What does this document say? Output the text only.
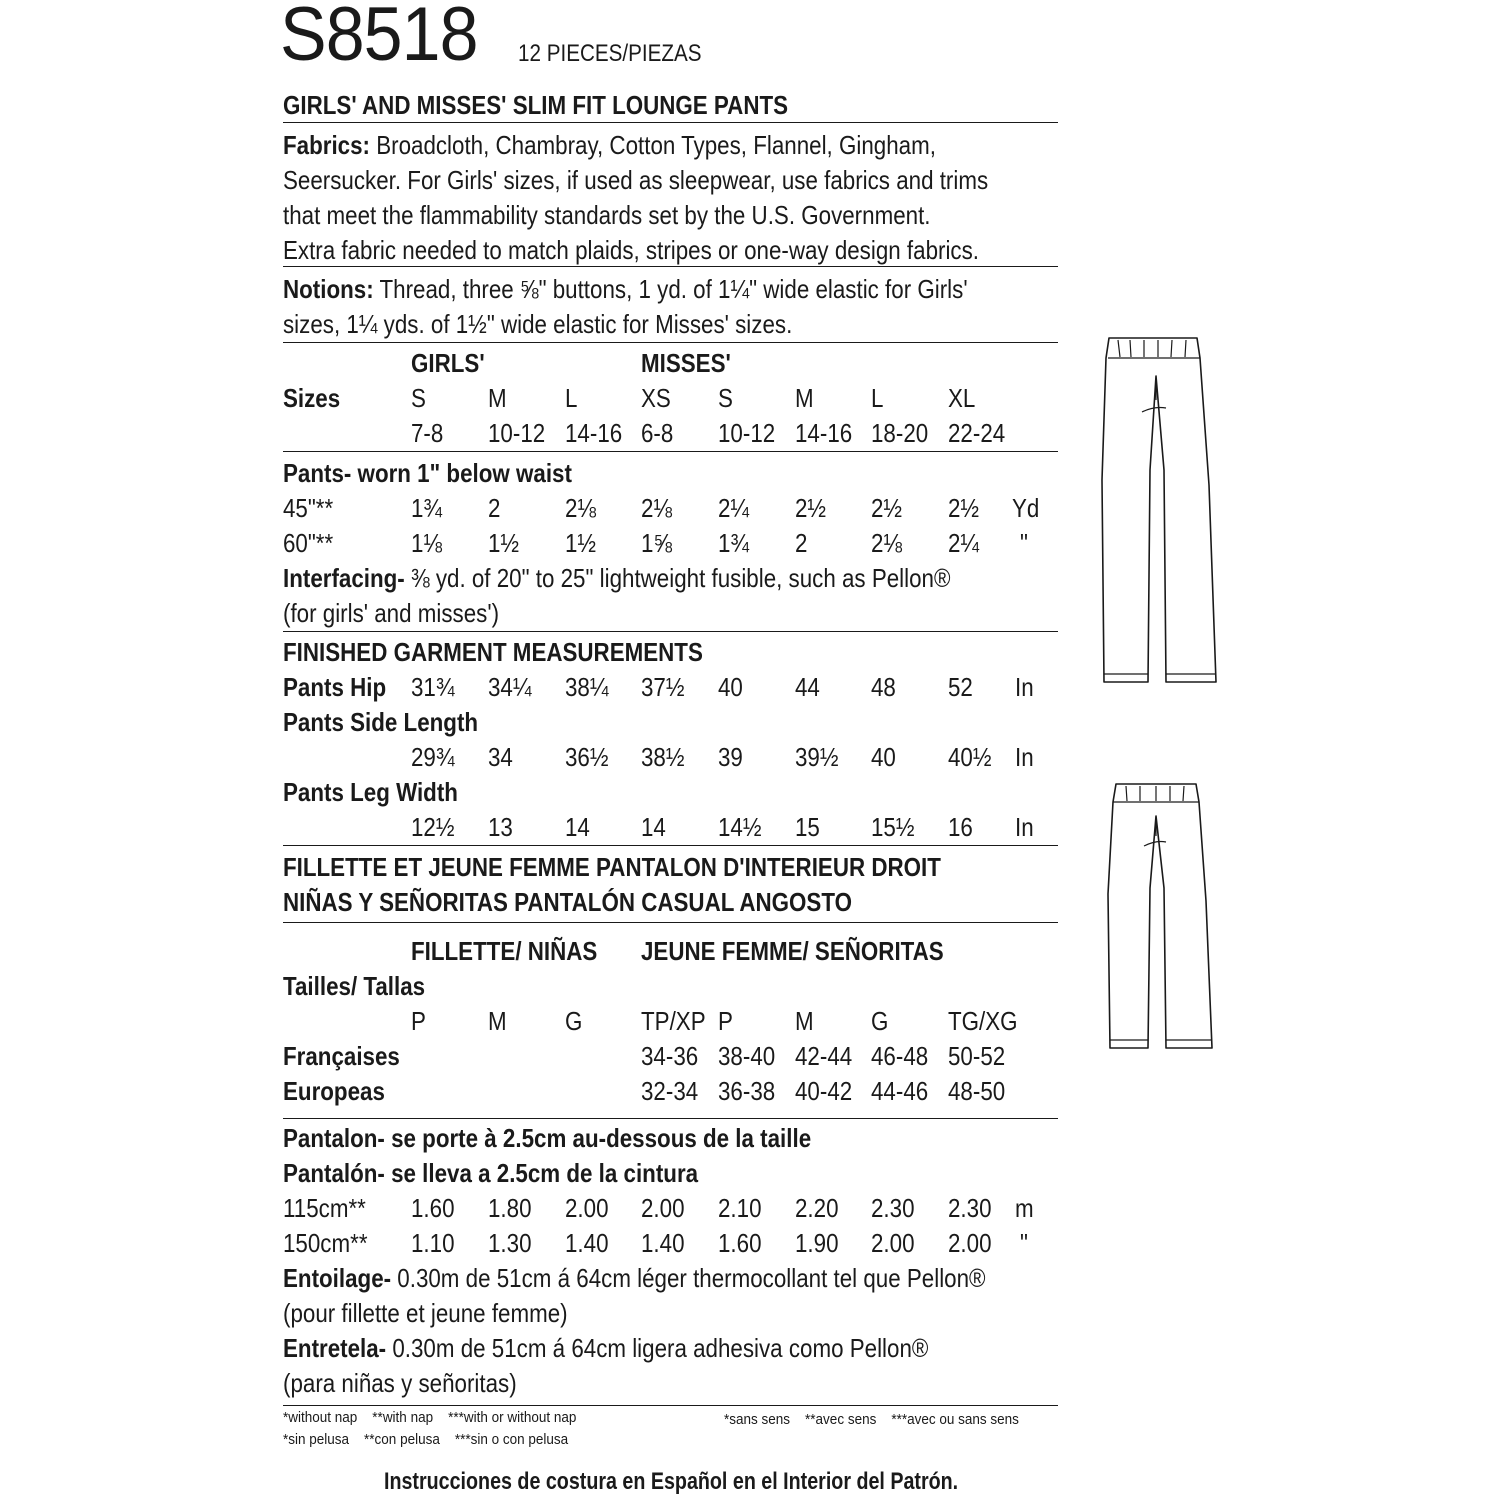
S8518 12 PIECES/PIEZAS
GIRLS' AND MISSES' SLIM FIT LOUNGE PANTS
Fabrics: Broadcloth, Chambray, Cotton Types, Flannel, Gingham,
Seersucker. For Girls' sizes, if used as sleepwear, use fabrics and trims
that meet the flammability standards set by the U.S. Government.
Extra fabric needed to match plaids, stripes or one-way design fabrics.
Notions: Thread, three ⅝" buttons, 1 yd. of 1¼" wide elastic for Girls'
sizes, 1¼ yds. of 1½" wide elastic for Misses' sizes.
GIRLS'	MISSES'
Sizes	S M L XS S M L XL
7-8 10-12 14-16 6-8 10-12 14-16 18-20 22-24
Pants- worn 1" below waist
45"**	1¾ 2 2⅛ 2⅛ 2¼ 2½ 2½ 2½ Yd
60"**	1⅛ 1½ 1½ 1⅝ 1¾ 2 2⅛ 2¼ "
Interfacing- ⅜ yd. of 20" to 25" lightweight fusible, such as Pellon®
(for girls' and misses')
FINISHED GARMENT MEASUREMENTS
Pants Hip 31¾ 34¼ 38¼ 37½ 40 44 48 52 In
Pants Side Length
29¾ 34 36½ 38½ 39 39½ 40 40½ In
Pants Leg Width
12½ 13 14 14 14½ 15 15½ 16 In
FILLETTE ET JEUNE FEMME PANTALON D'INTERIEUR DROIT
NIÑAS Y SEÑORITAS PANTALÓN CASUAL ANGOSTO
FILLETTE/ NIÑAS JEUNE FEMME/ SEÑORITAS
Tailles/ Tallas
P M G TP/XP P M G TG/XG
Françaises	34-36 38-40 42-44 46-48 50-52
Europeas	32-34 36-38 40-42 44-46 48-50
Pantalon- se porte à 2.5cm au-dessous de la taille
Pantalón- se lleva a 2.5cm de la cintura
115cm** 1.60 1.80 2.00 2.00 2.10 2.20 2.30 2.30 m
150cm** 1.10 1.30 1.40 1.40 1.60 1.90 2.00 2.00 "
Entoilage- 0.30m de 51cm á 64cm léger thermocollant tel que Pellon®
(pour fillette et jeune femme)
Entretela- 0.30m de 51cm á 64cm ligera adhesiva como Pellon®
(para niñas y señoritas)
*without nap    **with nap    ***with or without nap
*sin pelusa    **con pelusa    ***sin o con pelusa
*sans sens    **avec sens    ***avec ou sans sens
Instrucciones de costura en Español en el Interior del Patrón.
